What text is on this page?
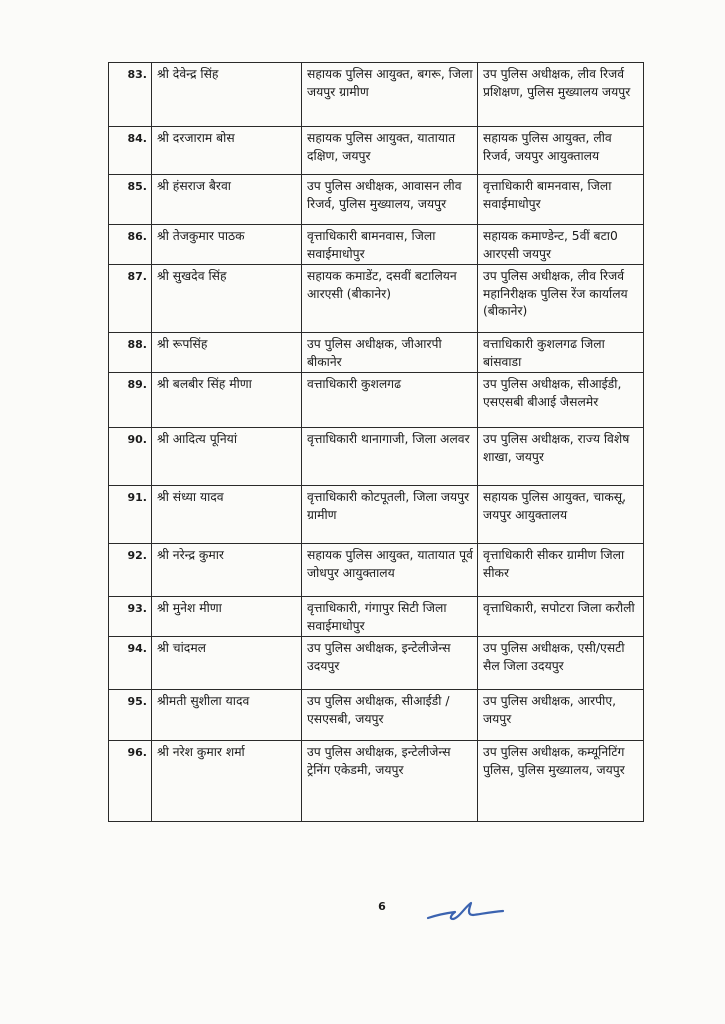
83.	श्री देवेन्द्र सिंह	सहायक पुलिस आयुक्त, बगरू, जिला जयपुर ग्रामीण	उप पुलिस अधीक्षक, लीव रिजर्व प्रशिक्षण, पुलिस मुख्यालय जयपुर
84.	श्री दरजाराम बोस	सहायक पुलिस आयुक्त, यातायात दक्षिण, जयपुर	सहायक पुलिस आयुक्त, लीव रिजर्व, जयपुर आयुक्तालय
85.	श्री हंसराज बैरवा	उप पुलिस अधीक्षक, आवासन लीव रिजर्व, पुलिस मुख्यालय, जयपुर	वृत्ताधिकारी बामनवास, जिला सवाईमाधोपुर
86.	श्री तेजकुमार पाठक	वृत्ताधिकारी बामनवास, जिला सवाईमाधोपुर	सहायक कमाण्डेन्ट, 5वीं बटा0 आरएसी जयपुर
87.	श्री सुखदेव सिंह	सहायक कमाडेंट, दसवीं बटालियन आरएसी (बीकानेर)	उप पुलिस अधीक्षक, लीव रिजर्व महानिरीक्षक पुलिस रेंज कार्यालय (बीकानेर)
88.	श्री रूपसिंह	उप पुलिस अधीक्षक, जीआरपी बीकानेर	वत्ताधिकारी कुशलगढ जिला बांसवाडा
89.	श्री बलबीर सिंह मीणा	वत्ताधिकारी कुशलगढ	उप पुलिस अधीक्षक, सीआईडी, एसएसबी बीआई जैसलमेर
90.	श्री आदित्य पूनियां	वृत्ताधिकारी थानागाजी, जिला अलवर	उप पुलिस अधीक्षक, राज्य विशेष शाखा, जयपुर
91.	श्री संध्या यादव	वृत्ताधिकारी कोटपूतली, जिला जयपुर ग्रामीण	सहायक पुलिस आयुक्त, चाकसू, जयपुर आयुक्तालय
92.	श्री नरेन्द्र कुमार	सहायक पुलिस आयुक्त, यातायात पूर्व जोधपुर आयुक्तालय	वृत्ताधिकारी सीकर ग्रामीण जिला सीकर
93.	श्री मुनेश मीणा	वृत्ताधिकारी, गंगापुर सिटी जिला सवाईमाधोपुर	वृत्ताधिकारी, सपोटरा जिला करौली
94.	श्री चांदमल	उप पुलिस अधीक्षक, इन्टेलीजेन्स उदयपुर	उप पुलिस अधीक्षक, एसी/एसटी सैल जिला उदयपुर
95.	श्रीमती सुशीला यादव	उप पुलिस अधीक्षक, सीआईडी /एसएसबी, जयपुर	उप पुलिस अधीक्षक, आरपीए, जयपुर
96.	श्री नरेश कुमार शर्मा	उप पुलिस अधीक्षक, इन्टेलीजेन्स ट्रेनिंग एकेडमी, जयपुर	उप पुलिस अधीक्षक, कम्यूनिटिंग पुलिस, पुलिस मुख्यालय, जयपुर
6
